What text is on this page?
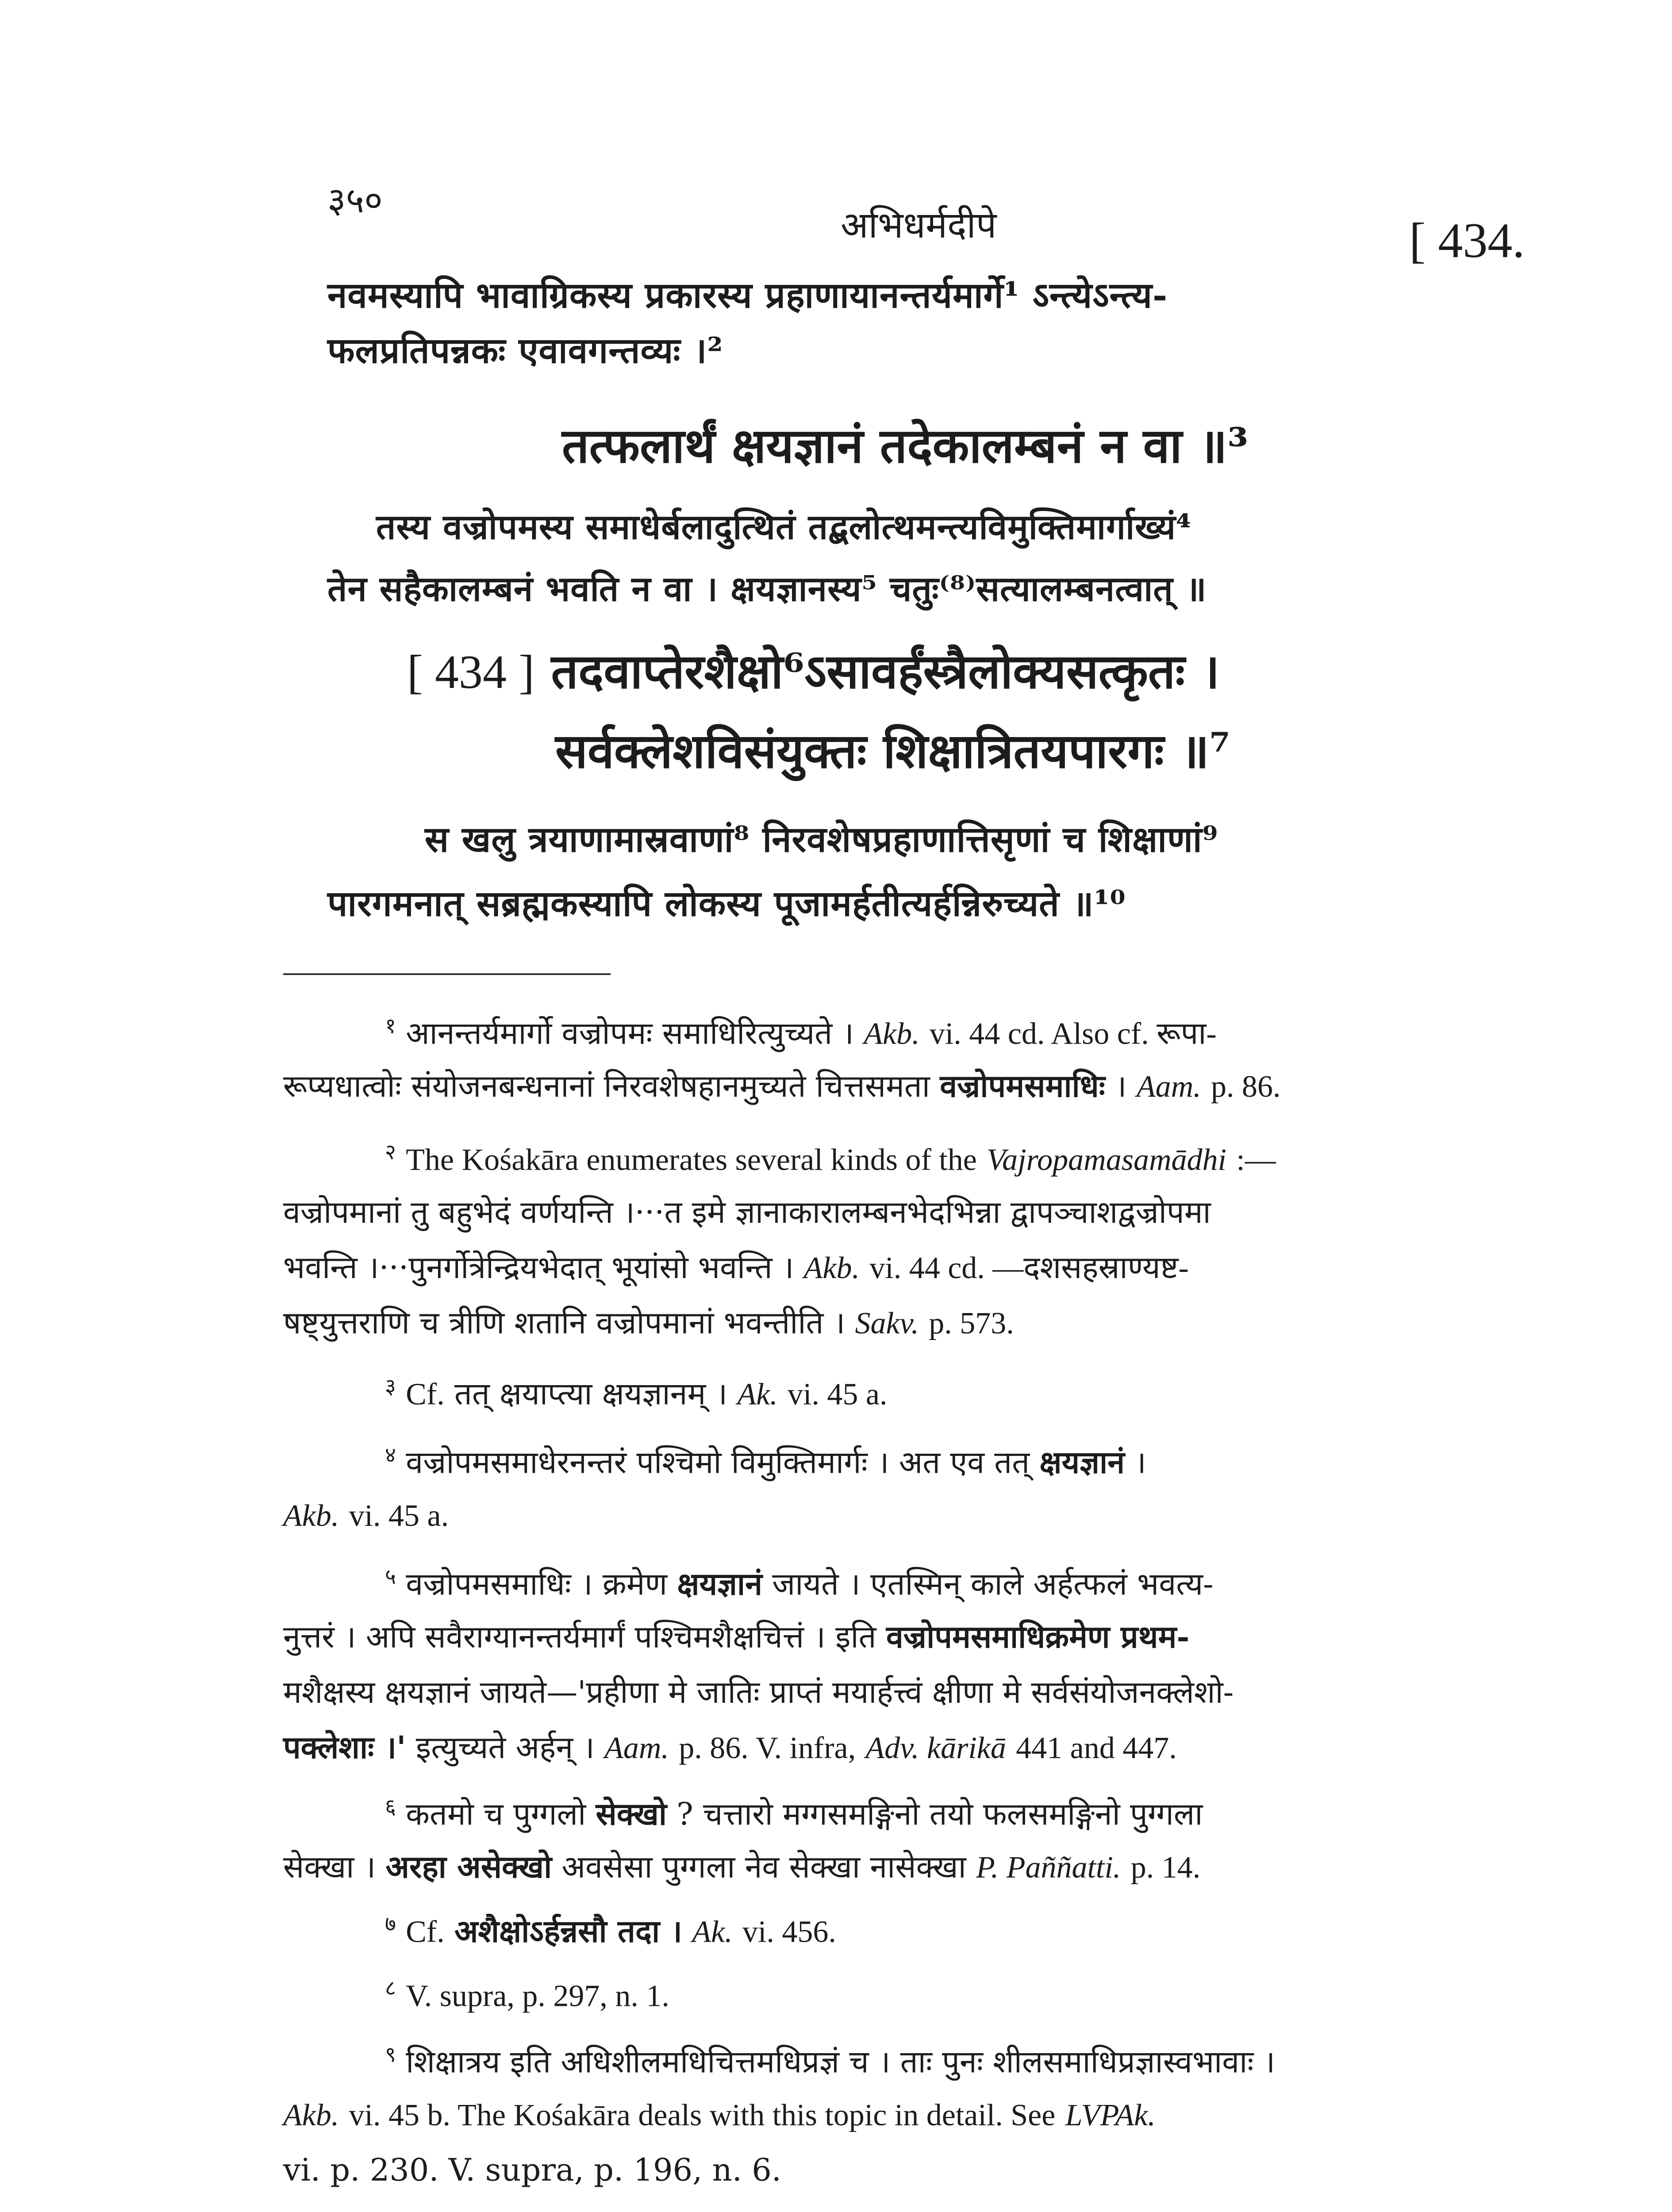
३५०
अभिधर्मदीपे	[ 434.
नवमस्यापि भावाग्रिकस्य प्रकारस्य प्रहाणायानन्तर्यमार्गे¹ ऽन्त्येऽन्त्य-
फलप्रतिपन्नकः एवावगन्तव्यः ।²
तत्फलार्थं क्षयज्ञानं तदेकालम्बनं न वा ॥³
तस्य वज्रोपमस्य समाधेर्बलादुत्थितं तद्बलोत्थमन्त्यविमुक्तिमार्गाख्यं⁴
तेन सहैकालम्बनं भवति न वा । क्षयज्ञानस्य⁵ चतुः⁽⁸⁾सत्यालम्बनत्वात् ॥
[ 434 ] तदवाप्तेरशैक्षो⁶ऽसावर्हंस्त्रैलोक्यसत्कृतः ।
सर्वक्लेशविसंयुक्तः शिक्षात्रितयपारगः ॥⁷
स खलु त्रयाणामास्रवाणां⁸ निरवशेषप्रहाणात्तिसृणां च शिक्षाणां⁹
पारगमनात् सब्रह्मकस्यापि लोकस्य पूजामर्हतीत्यर्हन्निरुच्यते ॥¹⁰
$^१$ आनन्तर्यमार्गो वज्रोपमः समाधिरित्युच्यते । Akb. vi. 44 cd. Also cf. रूपा-
रूप्यधात्वोः संयोजनबन्धनानां निरवशेषहानमुच्यते चित्तसमता वज्रोपमसमाधिः । Aam. p. 86.
$^२$ The Kośakāra enumerates several kinds of the Vajropamasamādhi :—
वज्रोपमानां तु बहुभेदं वर्णयन्ति ।···त इमे ज्ञानाकारालम्बनभेदभिन्ना द्वापञ्चाशद्वज्रोपमा
भवन्ति ।···पुनर्गोत्रेन्द्रियभेदात् भूयांसो भवन्ति । Akb. vi. 44 cd. —दशसहस्राण्यष्ट-
षष्ट्युत्तराणि च त्रीणि शतानि वज्रोपमानां भवन्तीति । Sakv. p. 573.
$^३$ Cf. तत् क्षयाप्त्या क्षयज्ञानम् । Ak. vi. 45 a.
$^४$ वज्रोपमसमाधेरनन्तरं पश्चिमो विमुक्तिमार्गः । अत एव तत् क्षयज्ञानं ।
Akb. vi. 45 a.
$^५$ वज्रोपमसमाधिः । क्रमेण क्षयज्ञानं जायते । एतस्मिन् काले अर्हत्फलं भवत्य-
नुत्तरं । अपि सवैराग्यानन्तर्यमार्गं पश्चिमशैक्षचित्तं । इति वज्रोपमसमाधिक्रमेण प्रथम-
मशैक्षस्य क्षयज्ञानं जायते—'प्रहीणा मे जातिः प्राप्तं मयार्हत्त्वं क्षीणा मे सर्वसंयोजनक्लेशो-
पक्लेशाः ।' इत्युच्यते अर्हन् । Aam. p. 86. V. infra, Adv. kārikā 441 and 447.
$^६$ कतमो च पुग्गलो सेक्खो ? चत्तारो मग्गसमङ्गिनो तयो फलसमङ्गिनो पुग्गला
सेक्खा । अरहा असेक्खो अवसेसा पुग्गला नेव सेक्खा नासेक्खा P. Paññatti. p. 14.
$^७$ Cf. अशैक्षोऽर्हन्नसौ तदा । Ak. vi. 456.
$^८$ V. supra, p. 297, n. 1.
$^९$ शिक्षात्रय इति अधिशीलमधिचित्तमधिप्रज्ञं च । ताः पुनः शीलसमाधिप्रज्ञास्वभावाः ।
Akb. vi. 45 b. The Kośakāra deals with this topic in detail. See LVPAk.
vi. p. 230. V. supra, p. 196, n. 6.
